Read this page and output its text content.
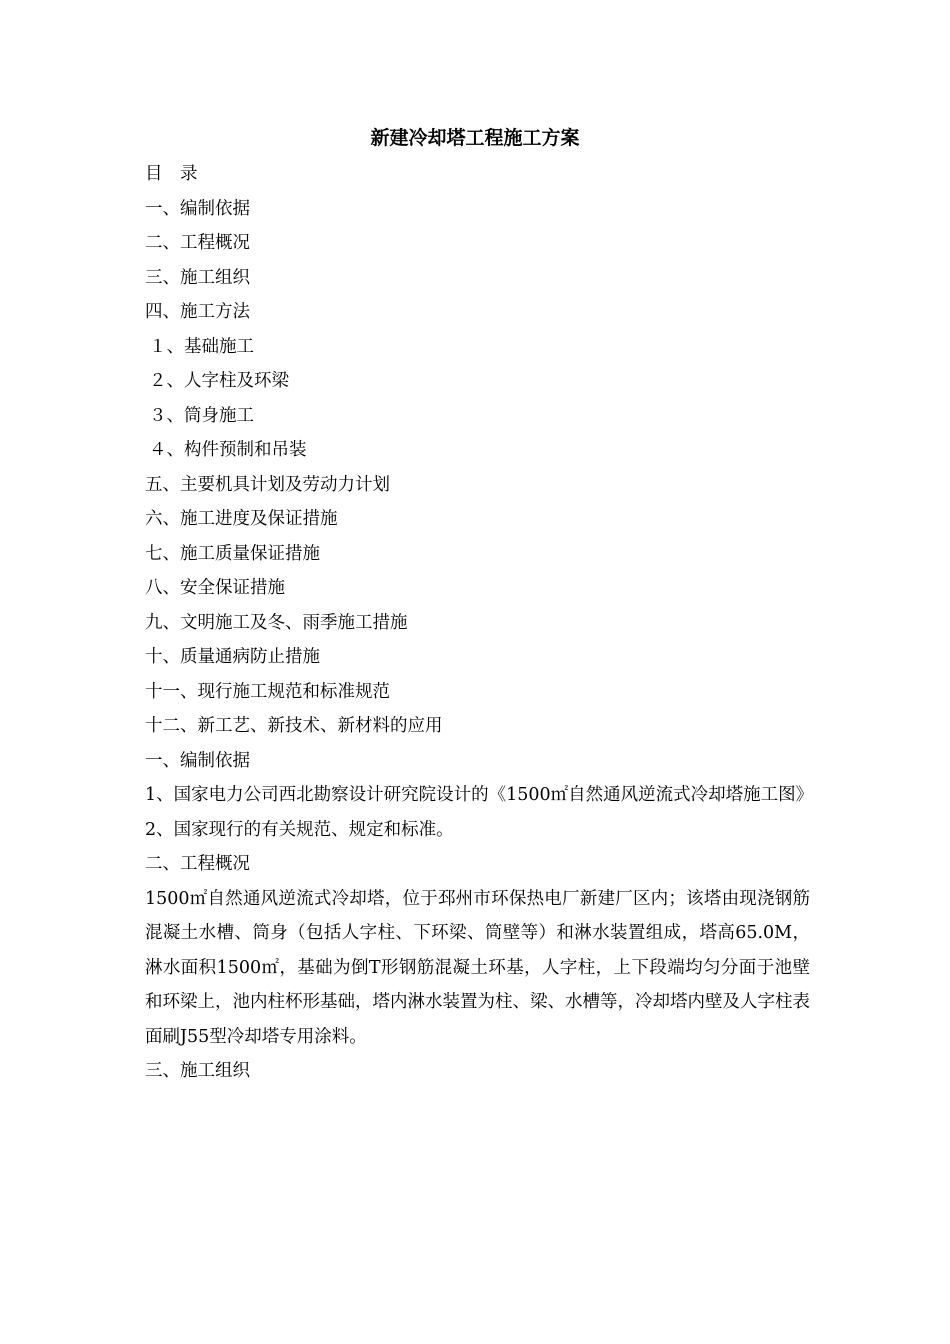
新建冷却塔工程施工方案
目　录
一、编制依据
二、工程概况
三、施工组织
四、施工方法
１、基础施工
２、人字柱及环梁
３、筒身施工
４、构件预制和吊装
五、主要机具计划及劳动力计划
六、施工进度及保证措施
七、施工质量保证措施
八、安全保证措施
九、文明施工及冬、雨季施工措施
十、质量通病防止措施
十一、现行施工规范和标准规范
十二、新工艺、新技术、新材料的应用
一、编制依据
1、国家电力公司西北勘察设计研究院设计的《1500㎡自然通风逆流式冷却塔施工图》
2、国家现行的有关规范、规定和标准。
二、工程概况
1500㎡自然通风逆流式冷却塔，位于邳州市环保热电厂新建厂区内；该塔由现浇钢筋混凝土水槽、筒身（包括人字柱、下环梁、筒壁等）和淋水装置组成，塔高65.0M，淋水面积1500㎡，基础为倒T形钢筋混凝土环基，人字柱，上下段端均匀分面于池壁和环梁上，池内柱杯形基础，塔内淋水装置为柱、梁、水槽等，冷却塔内壁及人字柱表面刷J55型冷却塔专用涂料。
三、施工组织
